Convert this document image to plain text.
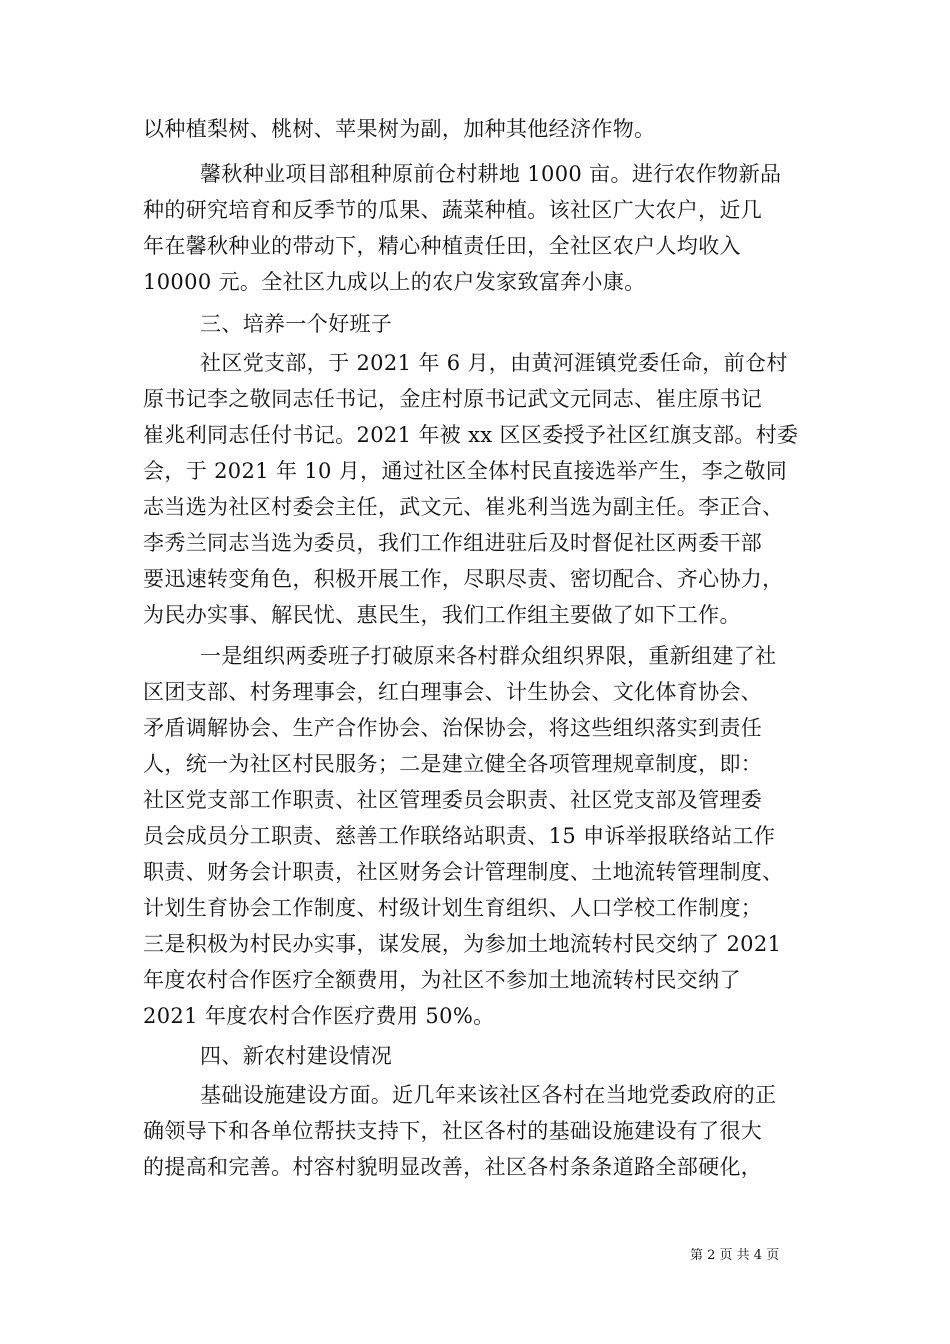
以种植梨树、桃树、苹果树为副，加种其他经济作物。
馨秋种业项目部租种原前仓村耕地 1000 亩。进行农作物新品
种的研究培育和反季节的瓜果、蔬菜种植。该社区广大农户，近几
年在馨秋种业的带动下，精心种植责任田，全社区农户人均收入
10000 元。全社区九成以上的农户发家致富奔小康。
三、培养一个好班子
社区党支部，于 2021 年 6 月，由黄河涯镇党委任命，前仓村
原书记李之敬同志任书记，金庄村原书记武文元同志、崔庄原书记
崔兆利同志任付书记。2021 年被 xx 区区委授予社区红旗支部。村委
会，于 2021 年 10 月，通过社区全体村民直接选举产生，李之敬同
志当选为社区村委会主任，武文元、崔兆利当选为副主任。李正合、
李秀兰同志当选为委员，我们工作组进驻后及时督促社区两委干部
要迅速转变角色，积极开展工作，尽职尽责、密切配合、齐心协力，
为民办实事、解民忧、惠民生，我们工作组主要做了如下工作。
一是组织两委班子打破原来各村群众组织界限，重新组建了社
区团支部、村务理事会，红白理事会、计生协会、文化体育协会、
矛盾调解协会、生产合作协会、治保协会，将这些组织落实到责任
人，统一为社区村民服务；二是建立健全各项管理规章制度，即：
社区党支部工作职责、社区管理委员会职责、社区党支部及管理委
员会成员分工职责、慈善工作联络站职责、15 申诉举报联络站工作
职责、财务会计职责，社区财务会计管理制度、土地流转管理制度、
计划生育协会工作制度、村级计划生育组织、人口学校工作制度；
三是积极为村民办实事，谋发展，为参加土地流转村民交纳了 2021
年度农村合作医疗全额费用，为社区不参加土地流转村民交纳了
2021 年度农村合作医疗费用 50%。
四、新农村建设情况
基础设施建设方面。近几年来该社区各村在当地党委政府的正
确领导下和各单位帮扶支持下，社区各村的基础设施建设有了很大
的提高和完善。村容村貌明显改善，社区各村条条道路全部硬化，
第 2 页 共 4 页
